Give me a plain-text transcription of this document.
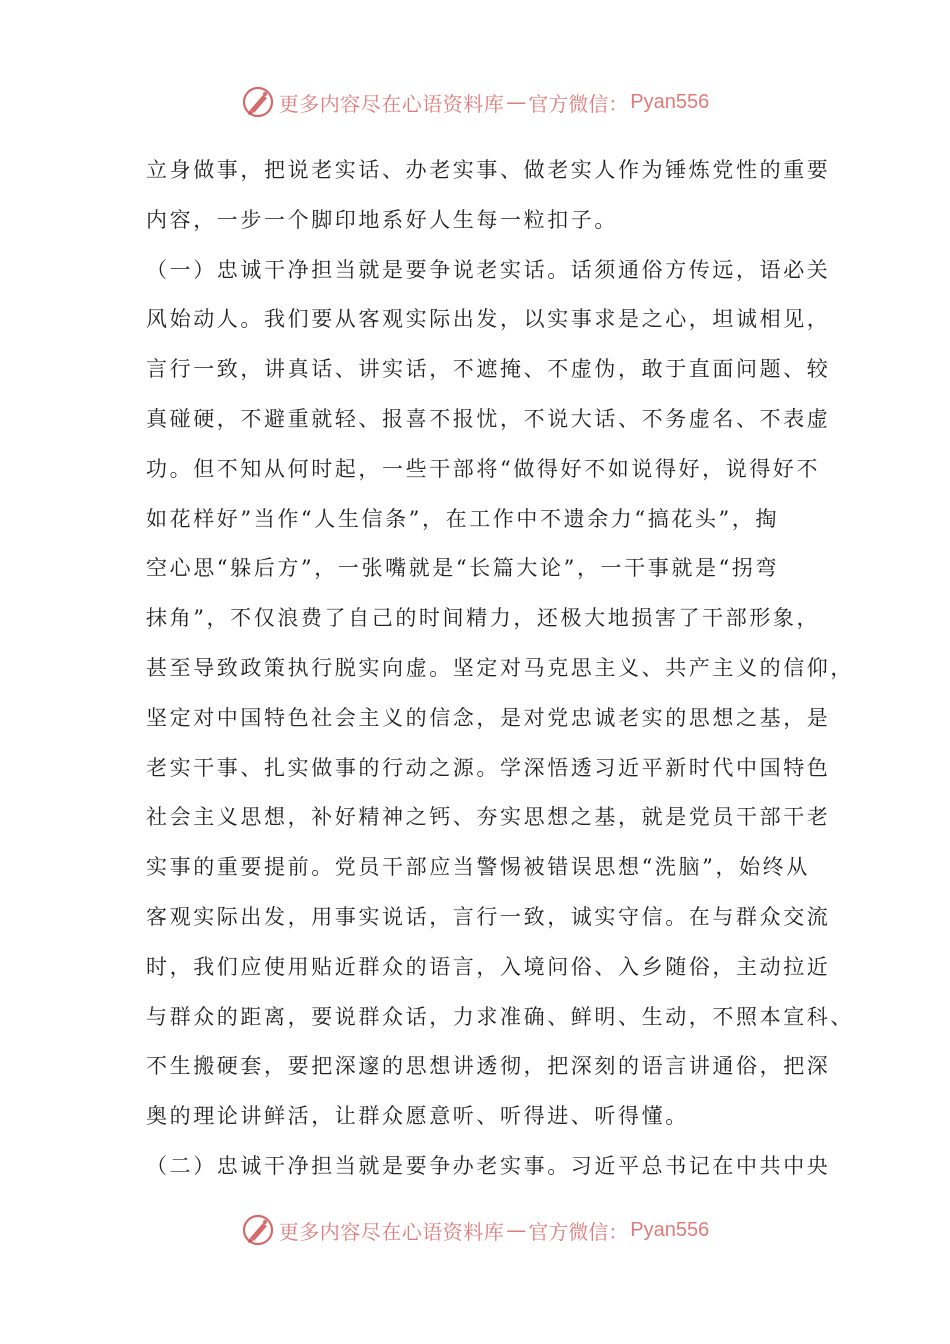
更多内容尽在心语资料库 — 官方微信： Pyan556
立身做事，把说老实话、办老实事、做老实人作为锤炼党性的重要
内容，一步一个脚印地系好人生每一粒扣子。
（一）忠诚干净担当就是要争说老实话。话须通俗方传远，语必关
风始动人。我们要从客观实际出发，以实事求是之心，坦诚相见，
言行一致，讲真话、讲实话，不遮掩、不虚伪，敢于直面问题、较
真碰硬，不避重就轻、报喜不报忧，不说大话、不务虚名、不表虚
功。但不知从何时起，一些干部将“做得好不如说得好，说得好不
如花样好”当作“人生信条”，在工作中不遗余力“搞花头”，掏
空心思“躲后方”，一张嘴就是“长篇大论”，一干事就是“拐弯
抹角”，不仅浪费了自己的时间精力，还极大地损害了干部形象，
甚至导致政策执行脱实向虚。坚定对马克思主义、共产主义的信仰，
坚定对中国特色社会主义的信念，是对党忠诚老实的思想之基，是
老实干事、扎实做事的行动之源。学深悟透习近平新时代中国特色
社会主义思想，补好精神之钙、夯实思想之基，就是党员干部干老
实事的重要提前。党员干部应当警惕被错误思想“洗脑”，始终从
客观实际出发，用事实说话，言行一致，诚实守信。在与群众交流
时，我们应使用贴近群众的语言，入境问俗、入乡随俗，主动拉近
与群众的距离，要说群众话，力求准确、鲜明、生动，不照本宣科、
不生搬硬套，要把深邃的思想讲透彻，把深刻的语言讲通俗，把深
奥的理论讲鲜活，让群众愿意听、听得进、听得懂。
（二）忠诚干净担当就是要争办老实事。习近平总书记在中共中央
更多内容尽在心语资料库 — 官方微信： Pyan556
